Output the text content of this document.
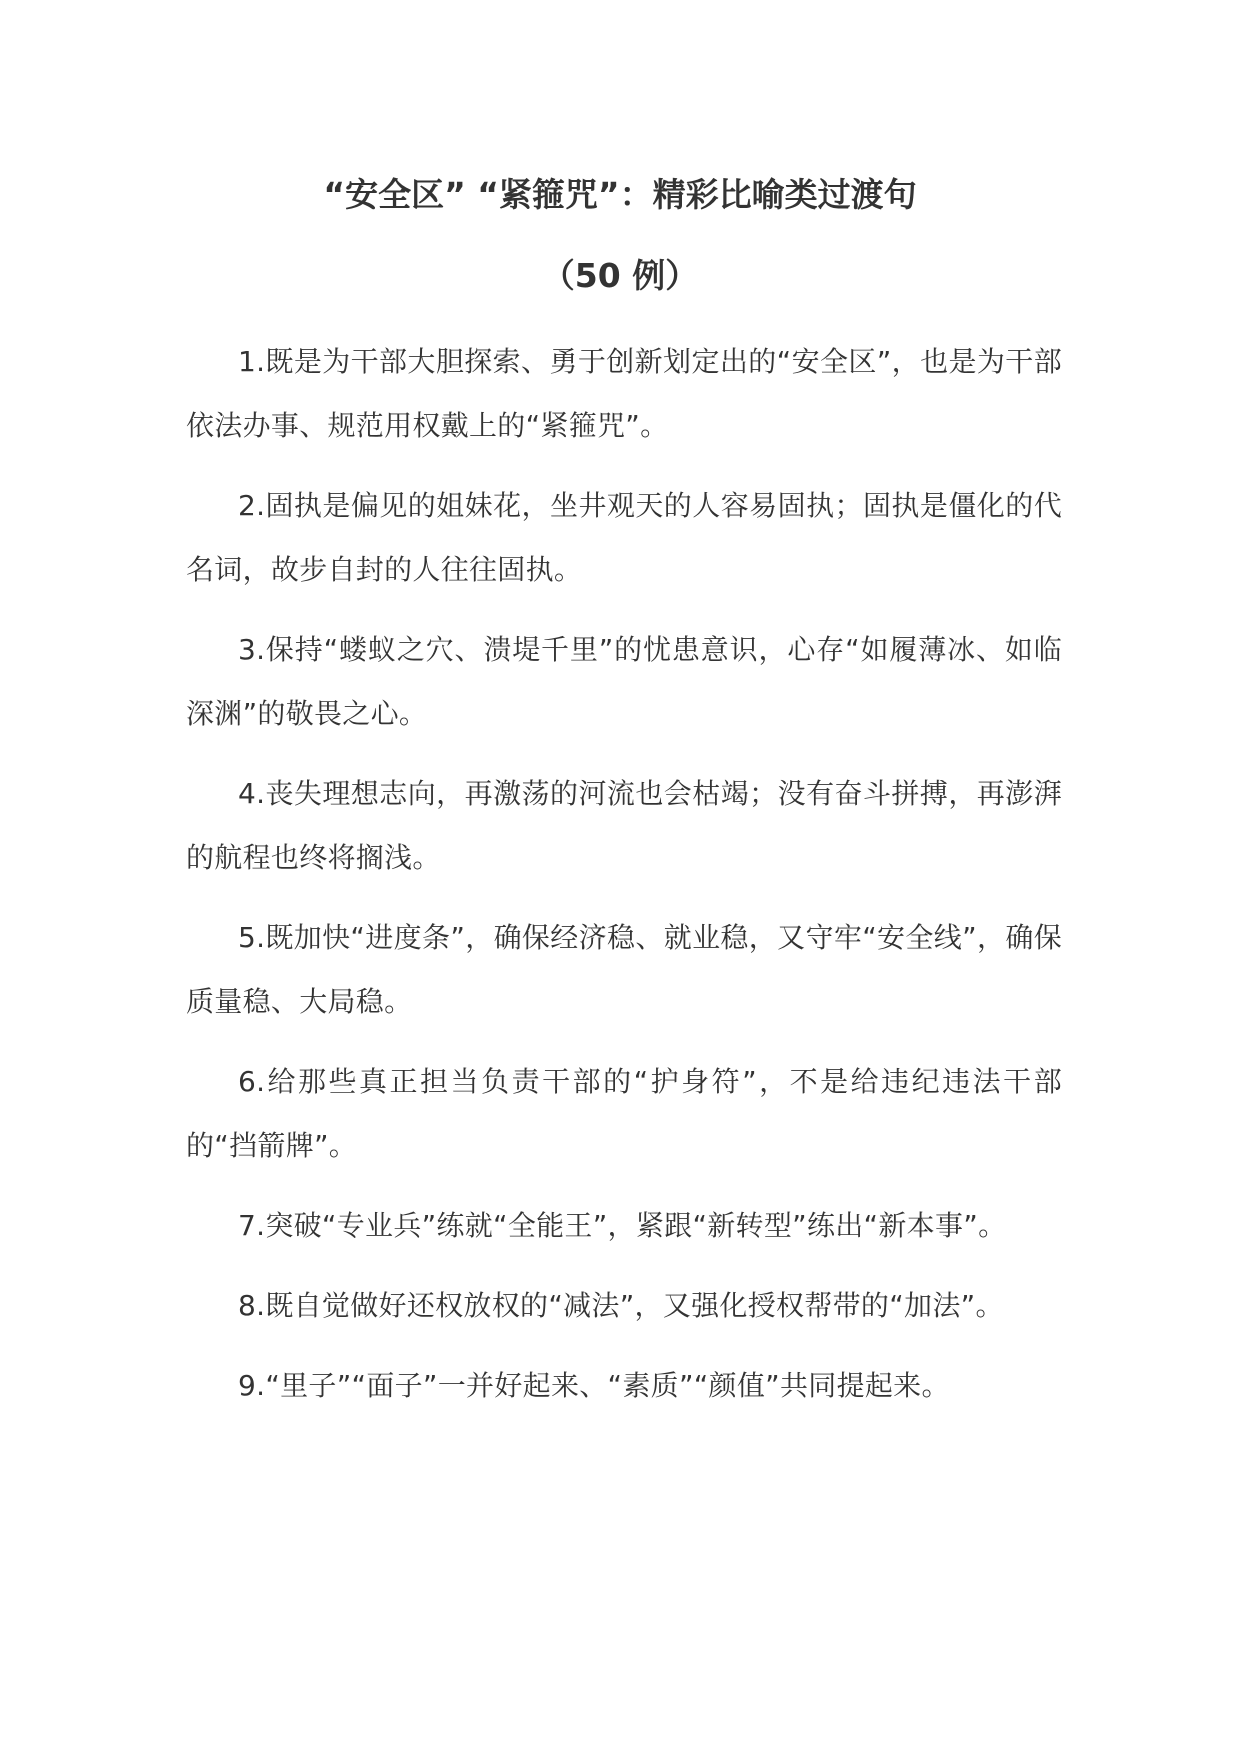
“安全区” “紧箍咒”：精彩比喻类过渡句
（50 例）

1.既是为干部大胆探索、勇于创新划定出的“安全区”，也是为干部依法办事、规范用权戴上的“紧箍咒”。

2.固执是偏见的姐妹花，坐井观天的人容易固执；固执是僵化的代名词，故步自封的人往往固执。

3.保持“蝼蚁之穴、溃堤千里”的忧患意识，心存“如履薄冰、如临深渊”的敬畏之心。

4.丧失理想志向，再激荡的河流也会枯竭；没有奋斗拼搏，再澎湃的航程也终将搁浅。

5.既加快“进度条”，确保经济稳、就业稳，又守牢“安全线”，确保质量稳、大局稳。

6.给那些真正担当负责干部的“护身符”，不是给违纪违法干部的“挡箭牌”。

7.突破“专业兵”练就“全能王”，紧跟“新转型”练出“新本事”。

8.既自觉做好还权放权的“减法”，又强化授权帮带的“加法”。

9.“里子”“面子”一并好起来、“素质”“颜值”共同提起来。
